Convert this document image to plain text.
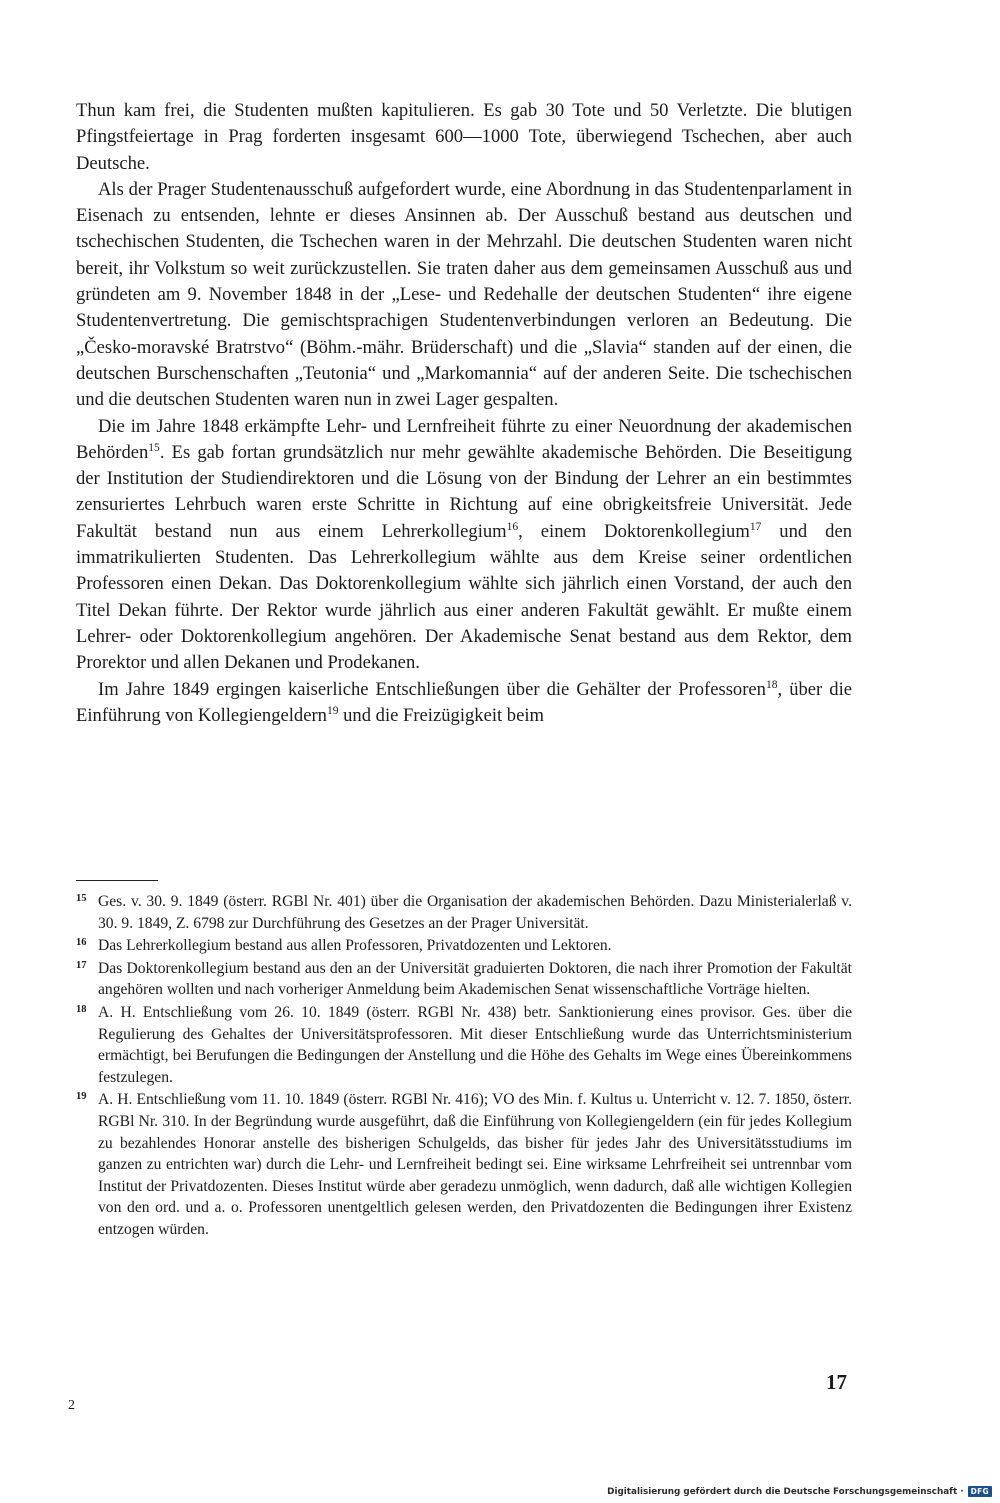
Thun kam frei, die Studenten mußten kapitulieren. Es gab 30 Tote und 50 Verletzte. Die blutigen Pfingstfeiertage in Prag forderten insgesamt 600—1000 Tote, überwiegend Tschechen, aber auch Deutsche.

Als der Prager Studentenausschuß aufgefordert wurde, eine Abordnung in das Studentenparlament in Eisenach zu entsenden, lehnte er dieses Ansinnen ab. Der Ausschuß bestand aus deutschen und tschechischen Studenten, die Tschechen waren in der Mehrzahl. Die deutschen Studenten waren nicht bereit, ihr Volkstum so weit zurückzustellen. Sie traten daher aus dem gemeinsamen Ausschuß aus und gründeten am 9. November 1848 in der „Lese- und Redehalle der deutschen Studenten“ ihre eigene Studentenvertretung. Die gemischtsprachigen Studentenverbindungen verloren an Bedeutung. Die „Česko-moravské Bratrstvo“ (Böhm.-mähr. Brüderschaft) und die „Slavia“ standen auf der einen, die deutschen Burschenschaften „Teutonia“ und „Markomannia“ auf der anderen Seite. Die tschechischen und die deutschen Studenten waren nun in zwei Lager gespalten.

Die im Jahre 1848 erkämpfte Lehr- und Lernfreiheit führte zu einer Neuordnung der akademischen Behörden$^{15}$. Es gab fortan grundsätzlich nur mehr gewählte akademische Behörden. Die Beseitigung der Institution der Studiendirektoren und die Lösung von der Bindung der Lehrer an ein bestimmtes zensuriertes Lehrbuch waren erste Schritte in Richtung auf eine obrigkeitsfreie Universität. Jede Fakultät bestand nun aus einem Lehrerkollegium$^{16}$, einem Doktorenkollegium$^{17}$ und den immatrikulierten Studenten. Das Lehrerkollegium wählte aus dem Kreise seiner ordentlichen Professoren einen Dekan. Das Doktorenkollegium wählte sich jährlich einen Vorstand, der auch den Titel Dekan führte. Der Rektor wurde jährlich aus einer anderen Fakultät gewählt. Er mußte einem Lehrer- oder Doktorenkollegium angehören. Der Akademische Senat bestand aus dem Rektor, dem Prorektor und allen Dekanen und Prodekanen.

Im Jahre 1849 ergingen kaiserliche Entschließungen über die Gehälter der Professoren$^{18}$, über die Einführung von Kollegiengeldern$^{19}$ und die Freizügigkeit beim

15 Ges. v. 30. 9. 1849 (österr. RGBl Nr. 401) über die Organisation der akademischen Behörden. Dazu Ministerialerlaß v. 30. 9. 1849, Z. 6798 zur Durchführung des Gesetzes an der Prager Universität.
16 Das Lehrerkollegium bestand aus allen Professoren, Privatdozenten und Lektoren.
17 Das Doktorenkollegium bestand aus den an der Universität graduierten Doktoren, die nach ihrer Promotion der Fakultät angehören wollten und nach vorheriger Anmeldung beim Akademischen Senat wissenschaftliche Vorträge hielten.
18 A. H. Entschließung vom 26. 10. 1849 (österr. RGBl Nr. 438) betr. Sanktionierung eines provisor. Ges. über die Regulierung des Gehaltes der Universitätsprofessoren. Mit dieser Entschließung wurde das Unterrichtsministerium ermächtigt, bei Berufungen die Bedingungen der Anstellung und die Höhe des Gehalts im Wege eines Übereinkommens festzulegen.
19 A. H. Entschließung vom 11. 10. 1849 (österr. RGBl Nr. 416); VO des Min. f. Kultus u. Unterricht v. 12. 7. 1850, österr. RGBl Nr. 310. In der Begründung wurde ausgeführt, daß die Einführung von Kollegiengeldern (ein für jedes Kollegium zu bezahlendes Honorar anstelle des bisherigen Schulgelds, das bisher für jedes Jahr des Universitätsstudiums im ganzen zu entrichten war) durch die Lehr- und Lernfreiheit bedingt sei. Eine wirksame Lehrfreiheit sei untrennbar vom Institut der Privatdozenten. Dieses Institut würde aber geradezu unmöglich, wenn dadurch, daß alle wichtigen Kollegien von den ord. und a. o. Professoren unentgeltlich gelesen werden, den Privatdozenten die Bedingungen ihrer Existenz entzogen würden.
17
2
Digitalisierung gefördert durch die Deutsche Forschungsgemeinschaft · DFG
